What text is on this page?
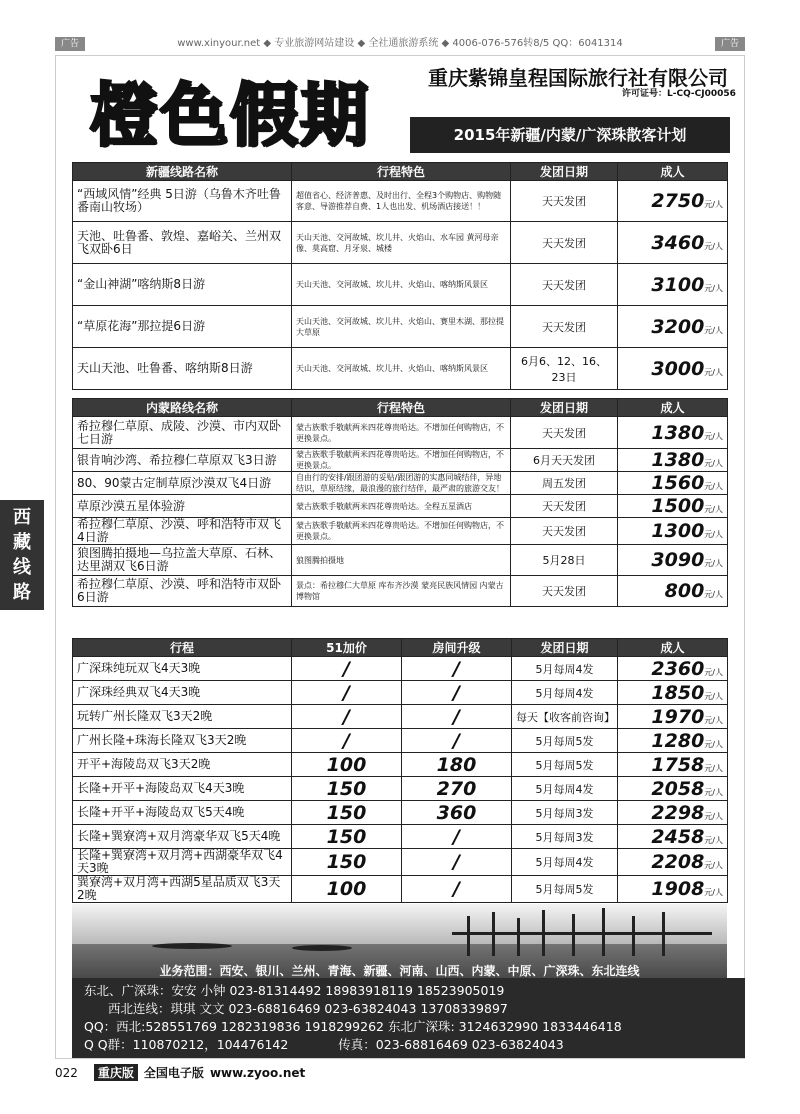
广告	www.xinyour.net ◆ 专业旅游网站建设 ◆ 全社通旅游系统 ◆ 4006-076-576转8/5 QQ：6041314	广告
橙色假期	重庆紫锦皇程国际旅行社有限公司
许可证号：L-CQ-CJ00056
2015年新疆/内蒙/广深珠散客计划
新疆线路名称	行程特色	发团日期	成人
“西域风情”经典 5日游（乌鲁木齐吐鲁番南山牧场）	超值省心、经济普惠、及时出行、全程3个购物店、购物随客意、导游推荐自费、1人也出发、机场酒店接送！！	天天发团	2750元/人
天池、吐鲁番、敦煌、嘉峪关、兰州双飞双卧6日	天山天池、交河故城、坎儿井、火焰山、水车园 黄河母亲像、莫高窟、月牙泉、城楼	天天发团	3460元/人
“金山神湖”喀纳斯8日游	天山天池、交河故城、坎儿井、火焰山、喀纳斯风景区	天天发团	3100元/人
“草原花海”那拉提6日游	天山天池、交河故城、坎儿井、火焰山、赛里木湖、那拉提大草原	天天发团	3200元/人
天山天池、吐鲁番、喀纳斯8日游	天山天池、交河故城、坎儿井、火焰山、喀纳斯风景区	6月6、12、16、23日	3000元/人
内蒙路线名称	行程特色	发团日期	成人
希拉穆仁草原、成陵、沙漠、市内双卧七日游	蒙古族歌手敬献两米四花尊贵哈达。不增加任何购物店，不更换景点。	天天发团	1380元/人
银肯响沙湾、希拉穆仁草原双飞3日游	蒙古族歌手敬献两米四花尊贵哈达。不增加任何购物店，不更换景点。	6月天天发团	1380元/人
80、90蒙古定制草原沙漠双飞4日游	自由行的安排/跟团游的妥贴/跟团游的实惠同城结伴，异地结识，草原结缘，最浪漫的旅行结伴，最严肃的旅游交友！	周五发团	1560元/人
草原沙漠五星体验游	蒙古族歌手敬献两米四花尊贵哈达。全程五星酒店	天天发团	1500元/人
希拉穆仁草原、沙漠、呼和浩特市双飞4日游	蒙古族歌手敬献两米四花尊贵哈达。不增加任何购物店，不更换景点。	天天发团	1300元/人
狼图腾拍摄地—乌拉盖大草原、石林、达里湖双飞6日游	狼图腾拍摄地	5月28日	3090元/人
希拉穆仁草原、沙漠、呼和浩特市双卧6日游	景点：希拉穆仁大草原 库布齐沙漠 蒙亮民族风情园 内蒙古博物馆	天天发团	800元/人
行程	51加价	房间升级	发团日期	成人
广深珠纯玩双飞4天3晚	/	/	5月每周4发	2360元/人
广深珠经典双飞4天3晚	/	/	5月每周4发	1850元/人
玩转广州长隆双飞3天2晚	/	/	每天【收客前咨询】	1970元/人
广州长隆+珠海长隆双飞3天2晚	/	/	5月每周5发	1280元/人
开平+海陵岛双飞3天2晚	100	180	5月每周5发	1758元/人
长隆+开平+海陵岛双飞4天3晚	150	270	5月每周4发	2058元/人
长隆+开平+海陵岛双飞5天4晚	150	360	5月每周3发	2298元/人
长隆+巽寮湾+双月湾豪华双飞5天4晚	150	/	5月每周3发	2458元/人
长隆+巽寮湾+双月湾+西湖豪华双飞4天3晚	150	/	5月每周4发	2208元/人
巽寮湾+双月湾+西湖5星品质双飞3天2晚	100	/	5月每周5发	1908元/人
西藏线路
业务范围：西安、银川、兰州、青海、新疆、河南、山西、内蒙、中原、广深珠、东北连线
东北、广深珠：安安 小钟 023-81314492 18983918119 18523905019
西北连线：琪琪 文文 023-68816469 023-63824043 13708339897
QQ：西北:528551769 1282319836 1918299262 东北广深珠: 3124632990 1833446418
Q Q群：110870212，104476142　　　　传真：023-68816469 023-63824043
022	重庆版 全国电子版 www.zyoo.net
